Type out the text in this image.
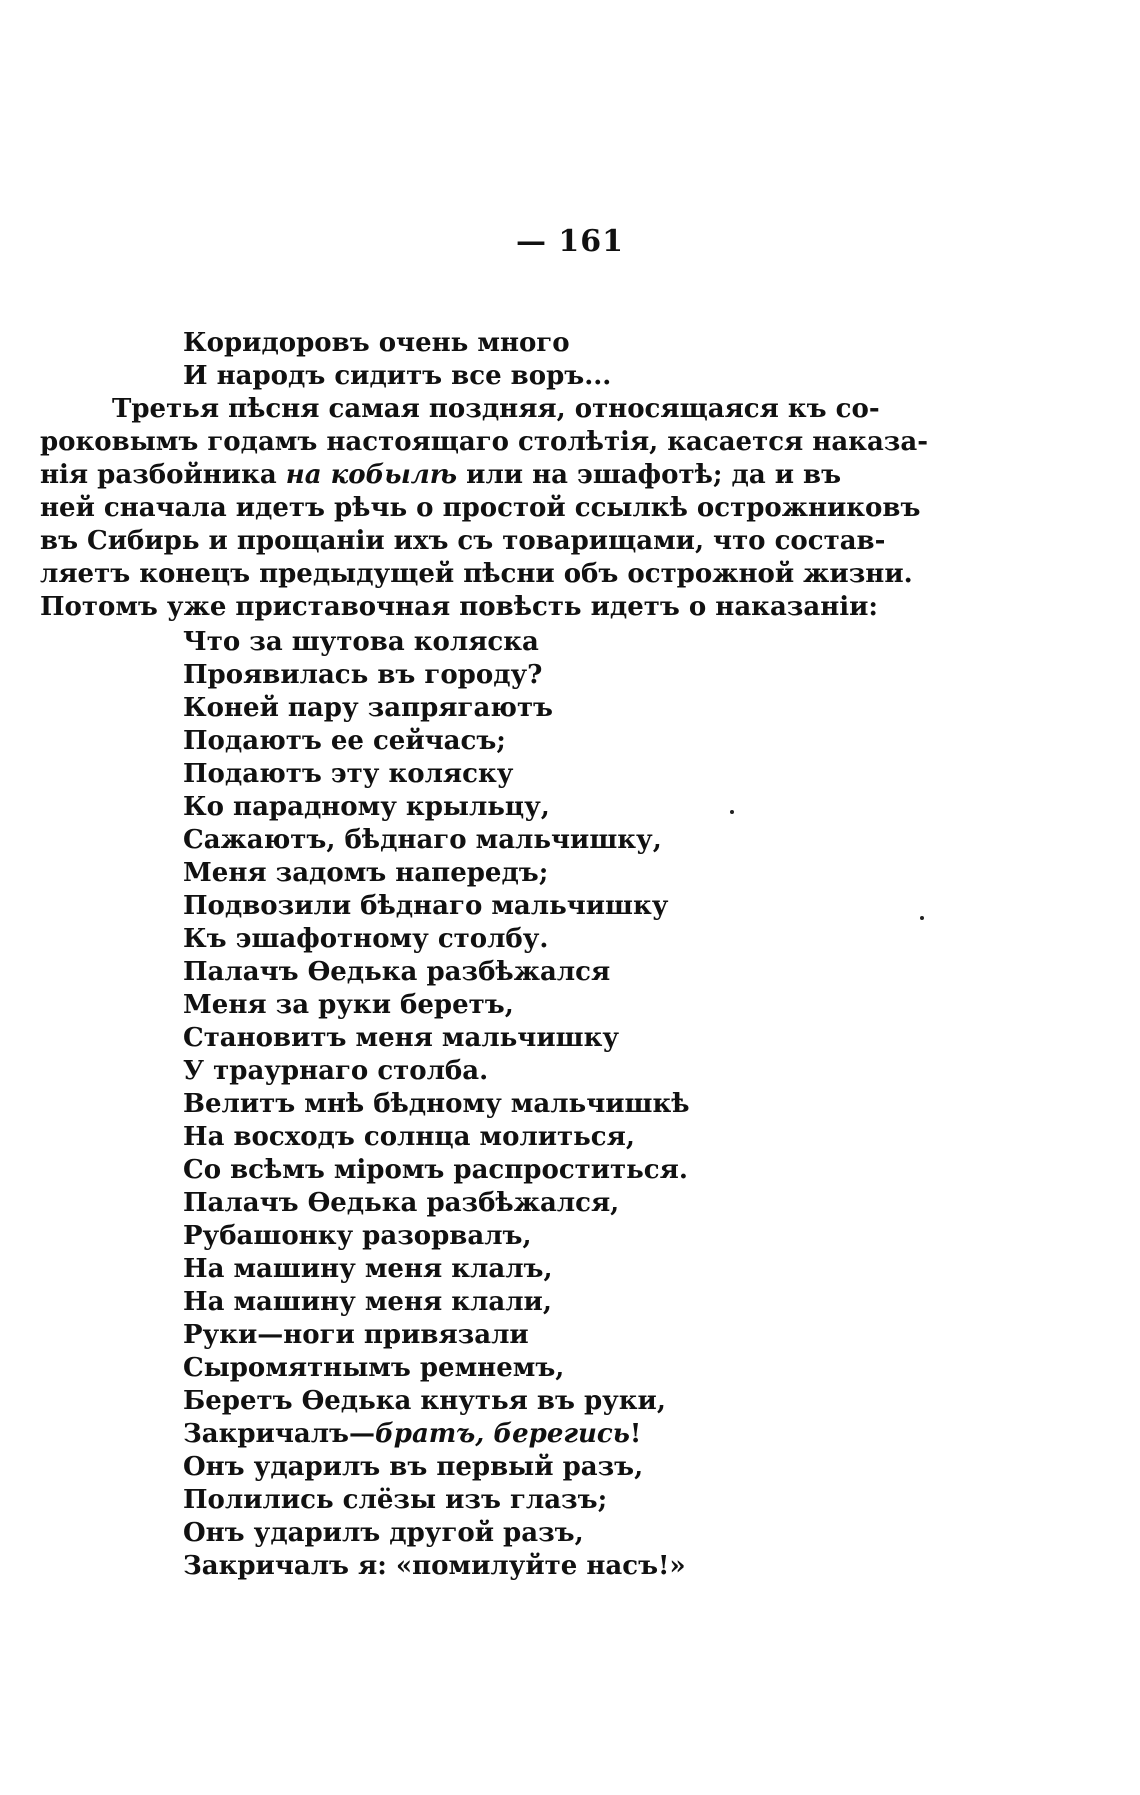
— 161
Коридоровъ очень много
И народъ сидитъ все воръ...
Третья пѣсня самая поздняя, относящаяся къ со-
роковымъ годамъ настоящаго столѣтія, касается наказа-
нія разбойника на кобылѣ или на эшафотѣ; да и въ
ней сначала идетъ рѣчь о простой ссылкѣ острожниковъ
въ Сибирь и прощаніи ихъ съ товарищами, что состав-
ляетъ конецъ предыдущей пѣсни объ острожной жизни.
Потомъ уже приставочная повѣсть идетъ о наказаніи:
Что за шутова коляска
Проявилась въ городу?
Коней пару запрягаютъ
Подаютъ ее сейчасъ;
Подаютъ эту коляску
Ко парадному крыльцу,
Сажаютъ, бѣднаго мальчишку,
Меня задомъ напередъ;
Подвозили бѣднаго мальчишку
Къ эшафотному столбу.
Палачъ Ѳедька разбѣжался
Меня за руки беретъ,
Становитъ меня мальчишку
У траурнаго столба.
Велитъ мнѣ бѣдному мальчишкѣ
На восходъ солнца молиться,
Со всѣмъ міромъ распроститься.
Палачъ Ѳедька разбѣжался,
Рубашонку разорвалъ,
На машину меня клалъ,
На машину меня клали,
Руки—ноги привязали
Сыромятнымъ ремнемъ,
Беретъ Ѳедька кнутья въ руки,
Закричалъ—братъ, берегись!
Онъ ударилъ въ первый разъ,
Полились слёзы изъ глазъ;
Онъ ударилъ другой разъ,
Закричалъ я: «помилуйте насъ!»
